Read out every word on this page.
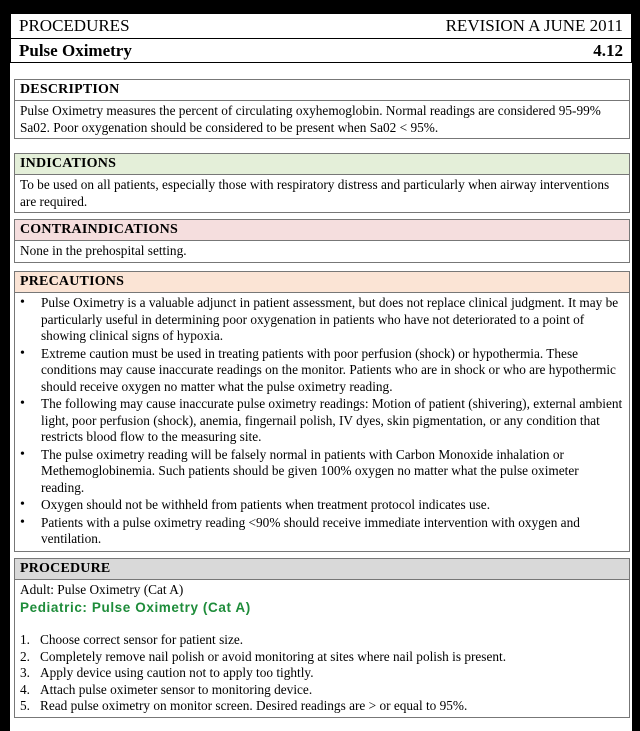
PROCEDURES	REVISION A JUNE 2011
Pulse Oximetry	4.12
DESCRIPTION
Pulse Oximetry measures the percent of circulating oxyhemoglobin. Normal readings are considered 95-99% Sa02. Poor oxygenation should be considered to be present when Sa02 < 95%.
INDICATIONS
To be used on all patients, especially those with respiratory distress and particularly when airway interventions are required.
CONTRAINDICATIONS
None in the prehospital setting.
PRECAUTIONS
• Pulse Oximetry is a valuable adjunct in patient assessment, but does not replace clinical judgment. It may be particularly useful in determining poor oxygenation in patients who have not deteriorated to a point of showing clinical signs of hypoxia.
• Extreme caution must be used in treating patients with poor perfusion (shock) or hypothermia. These conditions may cause inaccurate readings on the monitor. Patients who are in shock or who are hypothermic should receive oxygen no matter what the pulse oximetry reading.
• The following may cause inaccurate pulse oximetry readings: Motion of patient (shivering), external ambient light, poor perfusion (shock), anemia, fingernail polish, IV dyes, skin pigmentation, or any condition that restricts blood flow to the measuring site.
• The pulse oximetry reading will be falsely normal in patients with Carbon Monoxide inhalation or Methemoglobinemia. Such patients should be given 100% oxygen no matter what the pulse oximeter reading.
• Oxygen should not be withheld from patients when treatment protocol indicates use.
• Patients with a pulse oximetry reading <90% should receive immediate intervention with oxygen and ventilation.
PROCEDURE
Adult: Pulse Oximetry (Cat A)
Pediatric: Pulse Oximetry (Cat A)
1. Choose correct sensor for patient size.
2. Completely remove nail polish or avoid monitoring at sites where nail polish is present.
3. Apply device using caution not to apply too tightly.
4. Attach pulse oximeter sensor to monitoring device.
5. Read pulse oximetry on monitor screen. Desired readings are > or equal to 95%.
